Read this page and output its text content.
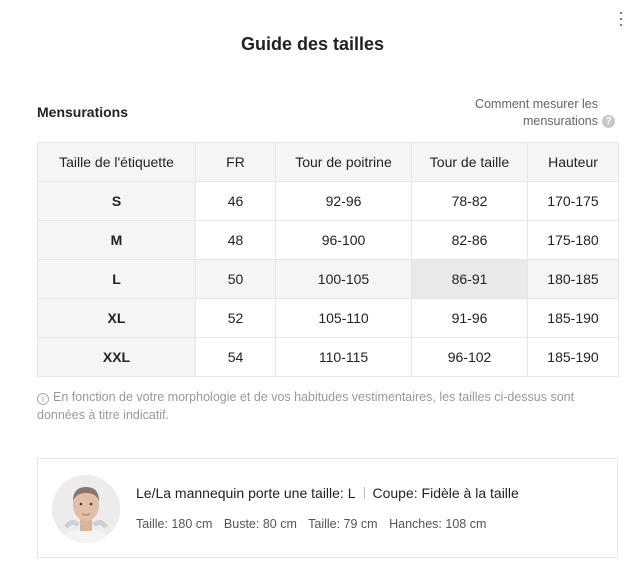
Guide des tailles
Mensurations	Comment mesurer les mensurations ?
Taille de l'étiquette	FR	Tour de poitrine	Tour de taille	Hauteur
S	46	92-96	78-82	170-175
M	48	96-100	82-86	175-180
L	50	100-105	86-91	180-185
XL	52	105-110	91-96	185-190
XXL	54	110-115	96-102	185-190

i En fonction de votre morphologie et de vos habitudes vestimentaires, les tailles ci-dessus sont données à titre indicatif.

Le/La mannequin porte une taille: L Coupe: Fidèle à la taille
Taille: 180 cm Buste: 80 cm Taille: 79 cm Hanches: 108 cm
